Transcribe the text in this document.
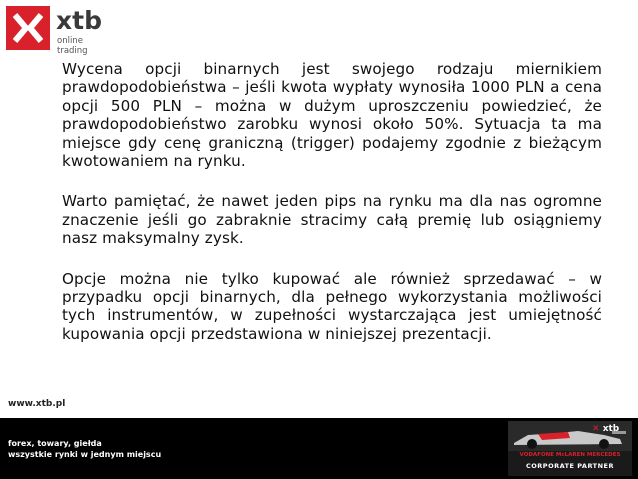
xtb
online trading

Wycena opcji binarnych jest swojego rodzaju miernikiem prawdopodobieństwa – jeśli kwota wypłaty wynosiła 1000 PLN a cena opcji 500 PLN – można w dużym uproszczeniu powiedzieć, że prawdopodobieństwo zarobku wynosi około 50%. Sytuacja ta ma miejsce gdy cenę graniczną (trigger) podajemy zgodnie z bieżącym kwotowaniem na rynku.

Warto pamiętać, że nawet jeden pips na rynku ma dla nas ogromne znaczenie jeśli go zabraknie stracimy całą premię lub osiągniemy nasz maksymalny zysk.

Opcje można nie tylko kupować ale również sprzedawać – w przypadku opcji binarnych, dla pełnego wykorzystania możliwości tych instrumentów, w zupełności wystarczająca jest umiejętność kupowania opcji przedstawiona w niniejszej prezentacji.

www.xtb.pl
forex, towary, giełda
wszystkie rynki w jednym miejscu
✕ xtb
VODAFONE McLAREN MERCEDES
CORPORATE PARTNER
